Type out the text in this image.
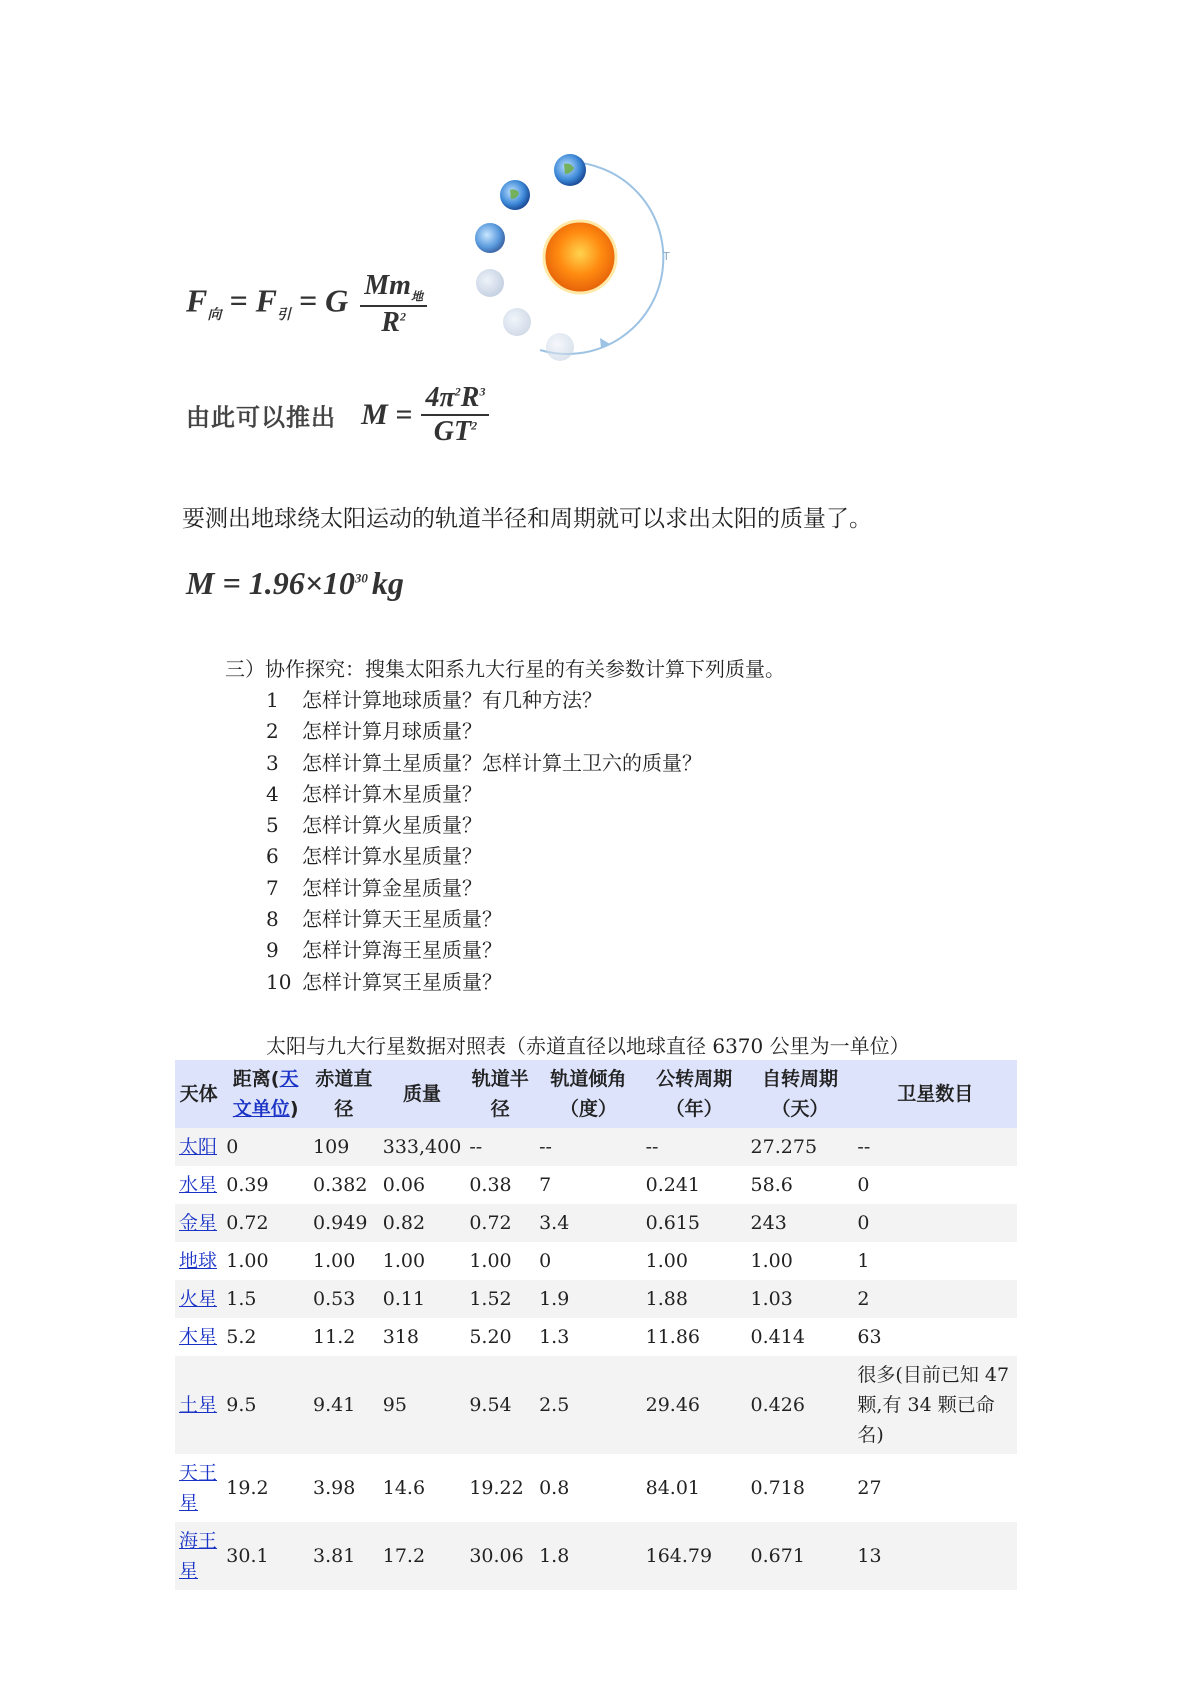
T
$F_向 = F_引 = G \frac{Mm_地}{R^2}$
由此可以推出 $M = \frac{4\pi^2R^3}{GT^2}$
要测出地球绕太阳运动的轨道半径和周期就可以求出太阳的质量了。
$M = 1.96\times 10^{30}$ kg
三）协作探究：搜集太阳系九大行星的有关参数计算下列质量。
1 怎样计算地球质量？有几种方法？
2 怎样计算月球质量？
3 怎样计算土星质量？怎样计算土卫六的质量？
4 怎样计算木星质量？
5 怎样计算火星质量？
6 怎样计算水星质量？
7 怎样计算金星质量？
8 怎样计算天王星质量？
9 怎样计算海王星质量？
10 怎样计算冥王星质量？
太阳与九大行星数据对照表（赤道直径以地球直径 6370 公里为一单位）
天体	距离(天文单位)	赤道直径	质量	轨道半径	轨道倾角（度）	公转周期（年）	自转周期（天）	卫星数目
太阳	0	109	333,400	--	--	--	27.275	--
水星	0.39	0.382	0.06	0.38	7	0.241	58.6	0
金星	0.72	0.949	0.82	0.72	3.4	0.615	243	0
地球	1.00	1.00	1.00	1.00	0	1.00	1.00	1
火星	1.5	0.53	0.11	1.52	1.9	1.88	1.03	2
木星	5.2	11.2	318	5.20	1.3	11.86	0.414	63
土星	9.5	9.41	95	9.54	2.5	29.46	0.426	很多(目前已知 47 颗,有 34 颗已命名)
天王星	19.2	3.98	14.6	19.22	0.8	84.01	0.718	27
海王星	30.1	3.81	17.2	30.06	1.8	164.79	0.671	13
